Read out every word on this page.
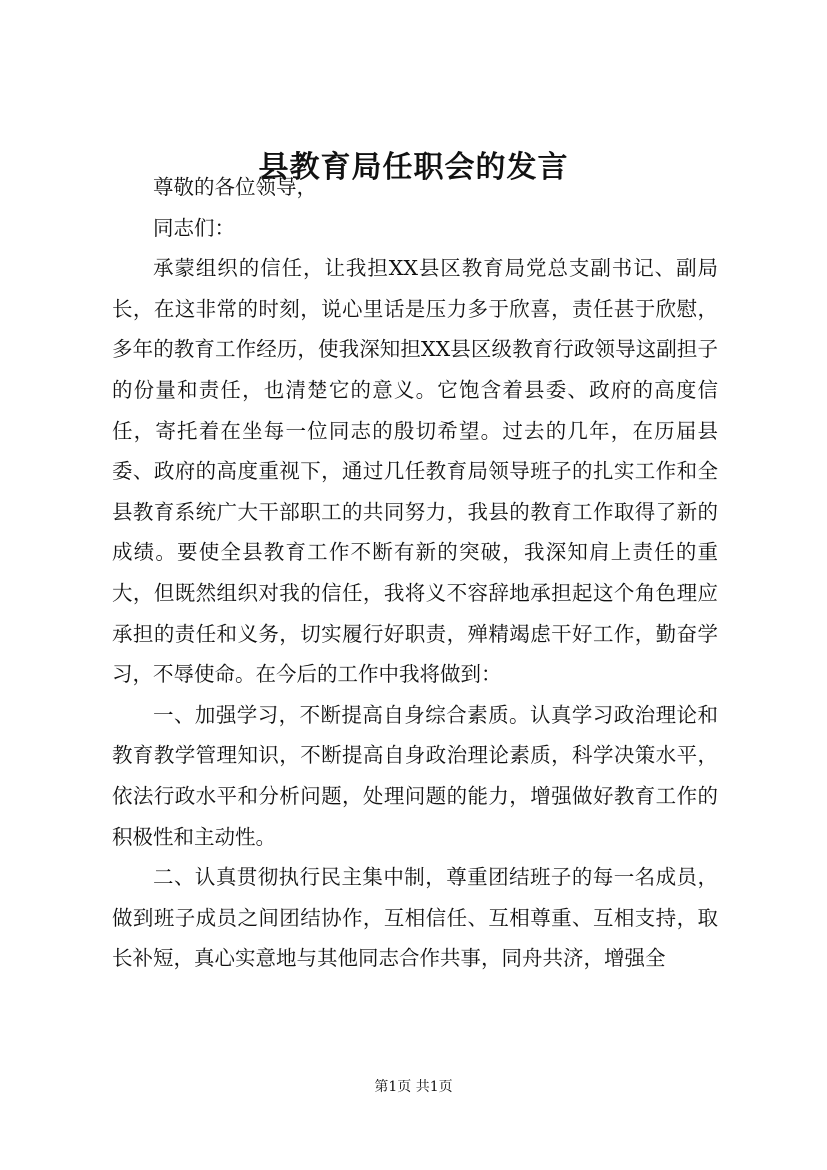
县教育局任职会的发言

尊敬的各位领导，

同志们：

承蒙组织的信任，让我担XX县区教育局党总支副书记、副局长，在这非常的时刻，说心里话是压力多于欣喜，责任甚于欣慰，多年的教育工作经历，使我深知担XX县区级教育行政领导这副担子的份量和责任，也清楚它的意义。它饱含着县委、政府的高度信任，寄托着在坐每一位同志的殷切希望。过去的几年，在历届县委、政府的高度重视下，通过几任教育局领导班子的扎实工作和全县教育系统广大干部职工的共同努力，我县的教育工作取得了新的成绩。要使全县教育工作不断有新的突破，我深知肩上责任的重大，但既然组织对我的信任，我将义不容辞地承担起这个角色理应承担的责任和义务，切实履行好职责，殚精竭虑干好工作，勤奋学习，不辱使命。在今后的工作中我将做到：

一、加强学习，不断提高自身综合素质。认真学习政治理论和教育教学管理知识，不断提高自身政治理论素质，科学决策水平，依法行政水平和分析问题，处理问题的能力，增强做好教育工作的积极性和主动性。

二、认真贯彻执行民主集中制，尊重团结班子的每一名成员，做到班子成员之间团结协作，互相信任、互相尊重、互相支持，取长补短，真心实意地与其他同志合作共事，同舟共济，增强全

第1页 共1页
